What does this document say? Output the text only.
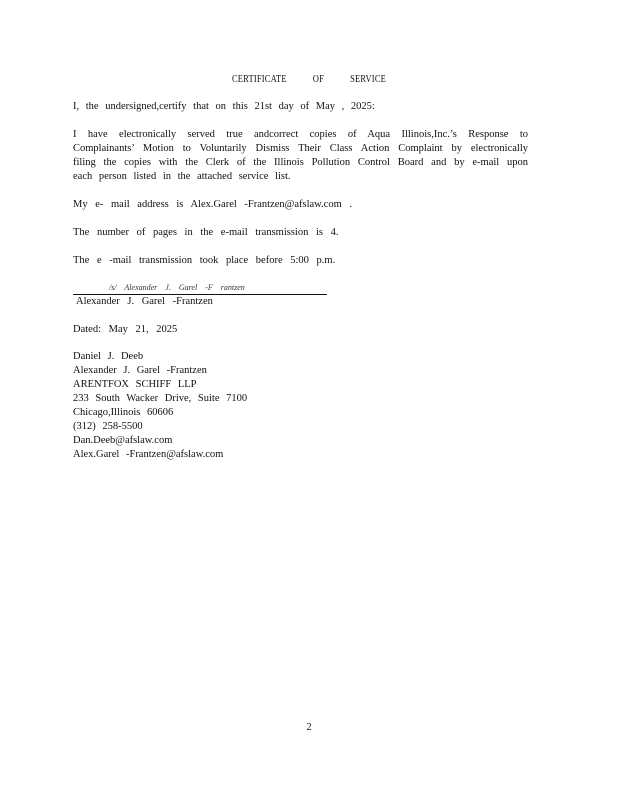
CERTIFICATE OF SERVICE
I, the undersigned,certify that on this 21st day of May , 2025:
I have electronically served true andcorrect copies of Aqua Illinois,Inc.’s Response to Complainants’ Motion to Voluntarily Dismiss Their Class Action Complaint by electronically filing the copies with the Clerk of the Illinois Pollution Control Board and by e-mail upon each person listed in the attached service list.
My e- mail address is Alex.Garel -Frantzen@afslaw.com .
The number of pages in the e-mail transmission is 4.
The e -mail transmission took place before 5:00 p.m.
/s/ Alexander J. Garel -F rantzen
Alexander J. Garel -Frantzen
Dated: May 21, 2025
Daniel J. Deeb
Alexander J. Garel -Frantzen
ARENTFOX SCHIFF LLP
233 South Wacker Drive, Suite 7100
Chicago,Illinois 60606
(312) 258-5500
Dan.Deeb@afslaw.com
Alex.Garel -Frantzen@afslaw.com
2
